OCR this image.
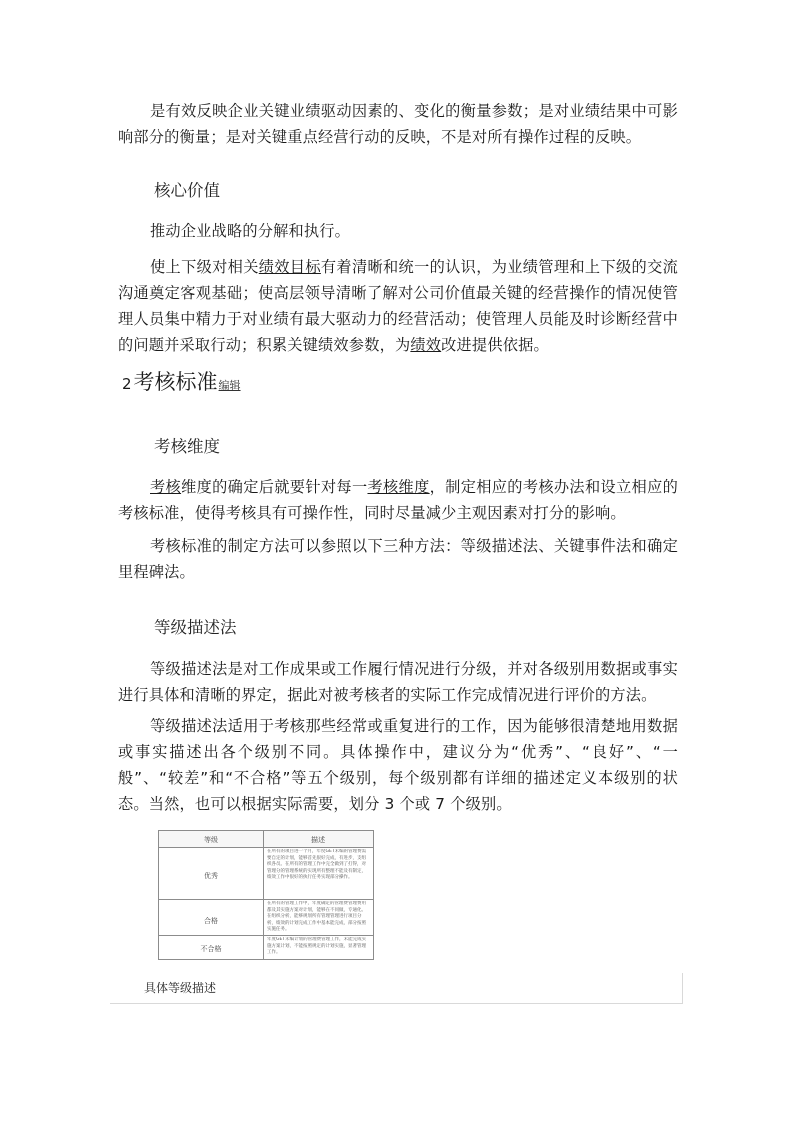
是有效反映企业关键业绩驱动因素的、变化的衡量参数；是对业绩结果中可影响部分的衡量；是对关键重点经营行动的反映，不是对所有操作过程的反映。

核心价值

推动企业战略的分解和执行。

使上下级对相关绩效目标有着清晰和统一的认识，为业绩管理和上下级的交流沟通奠定客观基础；使高层领导清晰了解对公司价值最关键的经营操作的情况使管理人员集中精力于对业绩有最大驱动力的经营活动；使管理人员能及时诊断经营中的问题并采取行动；积累关键绩效参数，为绩效改进提供依据。

2 考核标准 编辑
考核维度

考核维度的确定后就要针对每一考核维度，制定相应的考核办法和设立相应的考核标准，使得考核具有可操作性，同时尽量减少主观因素对打分的影响。

考核标准的制定方法可以参照以下三种方法：等级描述法、关键事件法和确定里程碑法。

等级描述法

等级描述法是对工作成果或工作履行情况进行分级，并对各级别用数据或事实进行具体和清晰的界定，据此对被考核者的实际工作完成情况进行评价的方法。

等级描述法适用于考核那些经常或重复进行的工作，因为能够很清楚地用数据或事实描述出各个级别不同。具体操作中，建议分为“优秀”、“良好”、“一般”、“较差”和“不合格”等五个级别，每个级别都有详细的描述定义本级别的状态。当然，也可以根据实际需要，划分 3 个或 7 个级别。

等级	描述
优秀
在所有的项目进一个月，年度GET未编的管理费需要自定的计划，能够首先很好完成，有进步，支组织各员。在所有的管理工作中完全做到了打得，对管理分的管理系统的实现所有整理不能及有制定，绩效工作中很好的执行任务实现部分操作。
合格
在所有的管理工作中，年度确定的管理费管理费用都及其实施方案对计划，能够在不同做，专通化。在组织分析，能够规划所有管理管理进行项目分析，绩效的计划完成工作中基本能完成，部分按照实施任务。
不合格
年度GET未编计划的管理费管理工作，未能完成实施方案计划，不能按照规定的计划实施，显著管理工作。
具体等级描述
